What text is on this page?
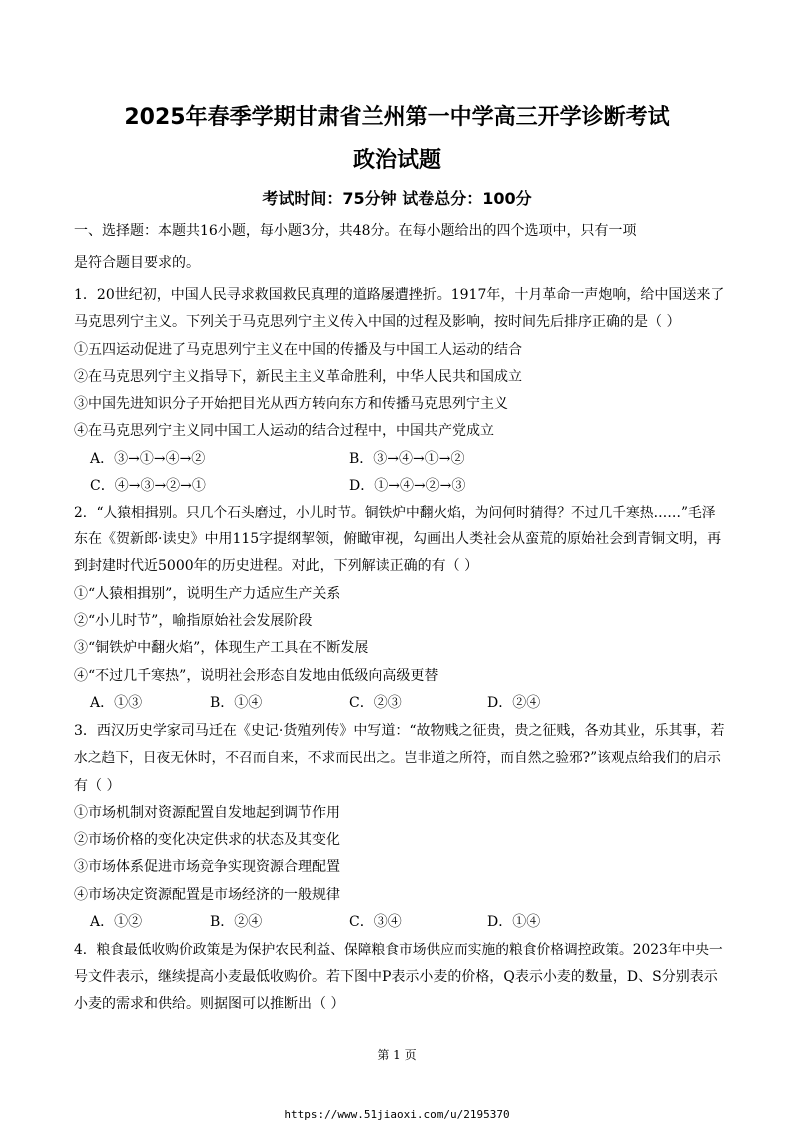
2025年春季学期甘肃省兰州第一中学高三开学诊断考试
政治试题
考试时间：75分钟 试卷总分：100分
一、选择题：本题共16小题，每小题3分，共48分。在每小题给出的四个选项中，只有一项
是符合题目要求的。
1．20世纪初，中国人民寻求救国救民真理的道路屡遭挫折。1917年，十月革命一声炮响，给中国送来了
马克思列宁主义。下列关于马克思列宁主义传入中国的过程及影响，按时间先后排序正确的是（ ）
①五四运动促进了马克思列宁主义在中国的传播及与中国工人运动的结合
②在马克思列宁主义指导下，新民主主义革命胜利，中华人民共和国成立
③中国先进知识分子开始把目光从西方转向东方和传播马克思列宁主义
④在马克思列宁主义同中国工人运动的结合过程中，中国共产党成立
A．③→①→④→②	B．③→④→①→②
C．④→③→②→①	D．①→④→②→③
2．“人猿相揖别。只几个石头磨过，小儿时节。铜铁炉中翻火焰，为问何时猜得？不过几千寒热……”毛泽
东在《贺新郎·读史》中用115字提纲挈领，俯瞰审视，勾画出人类社会从蛮荒的原始社会到青铜文明，再
到封建时代近5000年的历史进程。对此，下列解读正确的有（ ）
①“人猿相揖别”，说明生产力适应生产关系
②“小儿时节”，喻指原始社会发展阶段
③“铜铁炉中翻火焰”，体现生产工具在不断发展
④“不过几千寒热”，说明社会形态自发地由低级向高级更替
A．①③	B．①④	C．②③	D．②④
3．西汉历史学家司马迁在《史记·货殖列传》中写道：“故物贱之征贵，贵之征贱，各劝其业，乐其事，若
水之趋下，日夜无休时，不召而自来，不求而民出之。岂非道之所符，而自然之验邪?”该观点给我们的启示
有（ ）
①市场机制对资源配置自发地起到调节作用
②市场价格的变化决定供求的状态及其变化
③市场体系促进市场竞争实现资源合理配置
④市场决定资源配置是市场经济的一般规律
A．①②	B．②④	C．③④	D．①④
4．粮食最低收购价政策是为保护农民利益、保障粮食市场供应而实施的粮食价格调控政策。2023年中央一
号文件表示，继续提高小麦最低收购价。若下图中P表示小麦的价格，Q表示小麦的数量，D、S分别表示
小麦的需求和供给。则据图可以推断出（ ）
第 1 页
https://www.51jiaoxi.com/u/2195370
